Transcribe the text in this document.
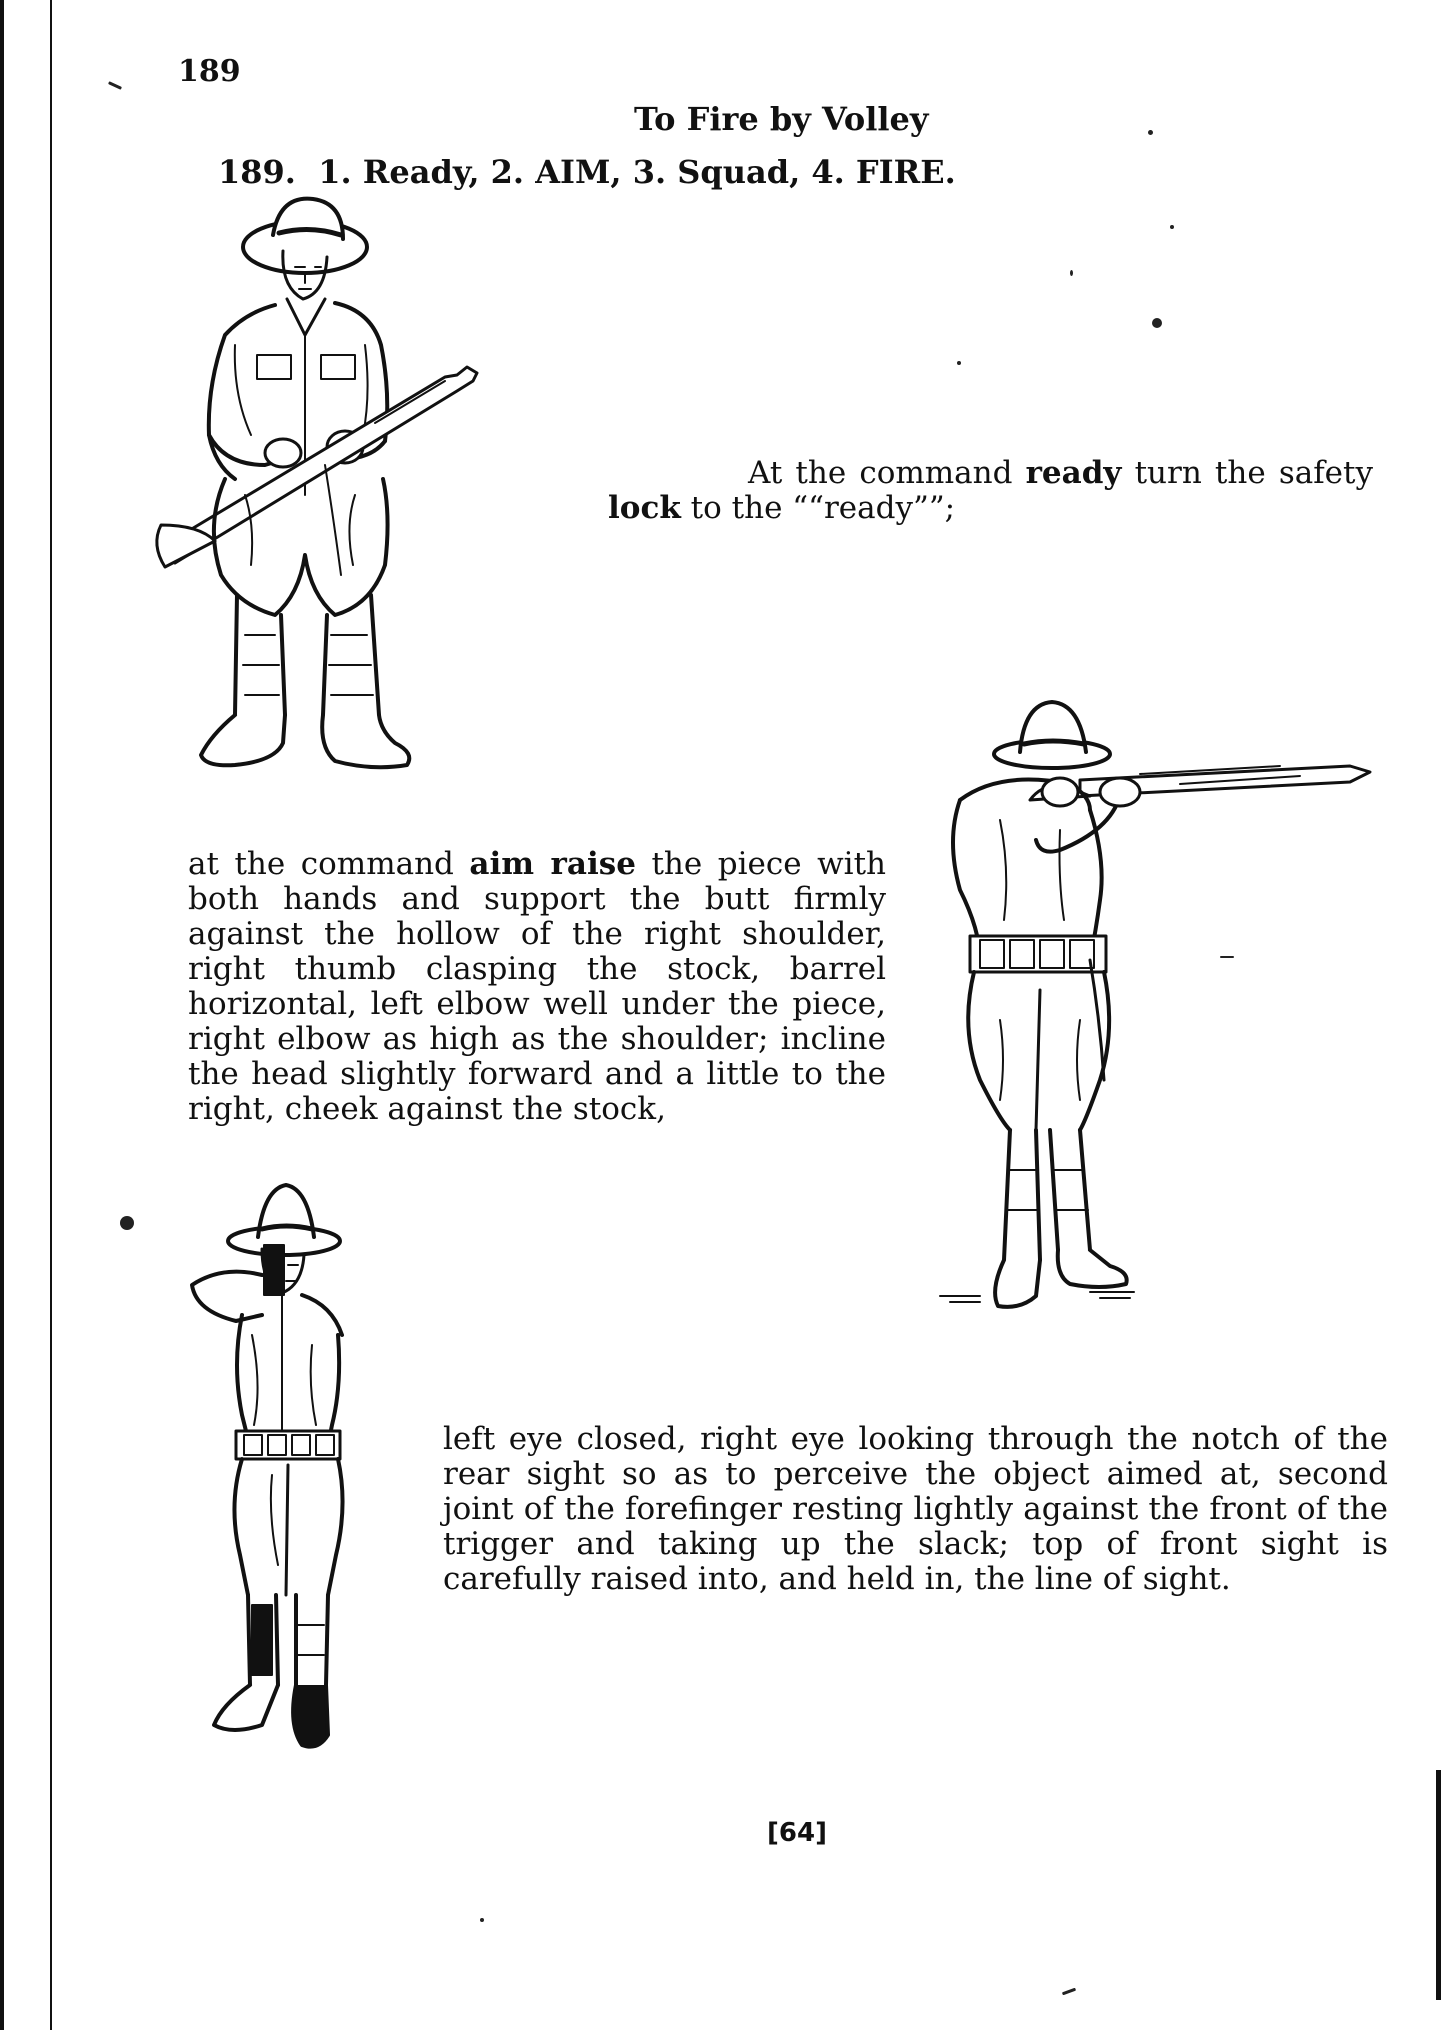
189
To Fire by Volley
189.  1. Ready, 2. AIM, 3. Squad, 4. FIRE.
At the command ready turn the safety lock to the ““ready””;
at the command aim raise the piece with both hands and support the butt firmly against the hollow of the right shoulder, right thumb clasping the stock, barrel horizontal, left elbow well under the piece, right elbow as high as the shoulder; incline the head slightly forward and a little to the right, cheek against the stock,
left eye closed, right eye looking through the notch of the rear sight so as to perceive the object aimed at, second joint of the forefinger resting lightly against the front of the trigger and taking up the slack; top of front sight is carefully raised into, and held in, the line of sight.
[64]
